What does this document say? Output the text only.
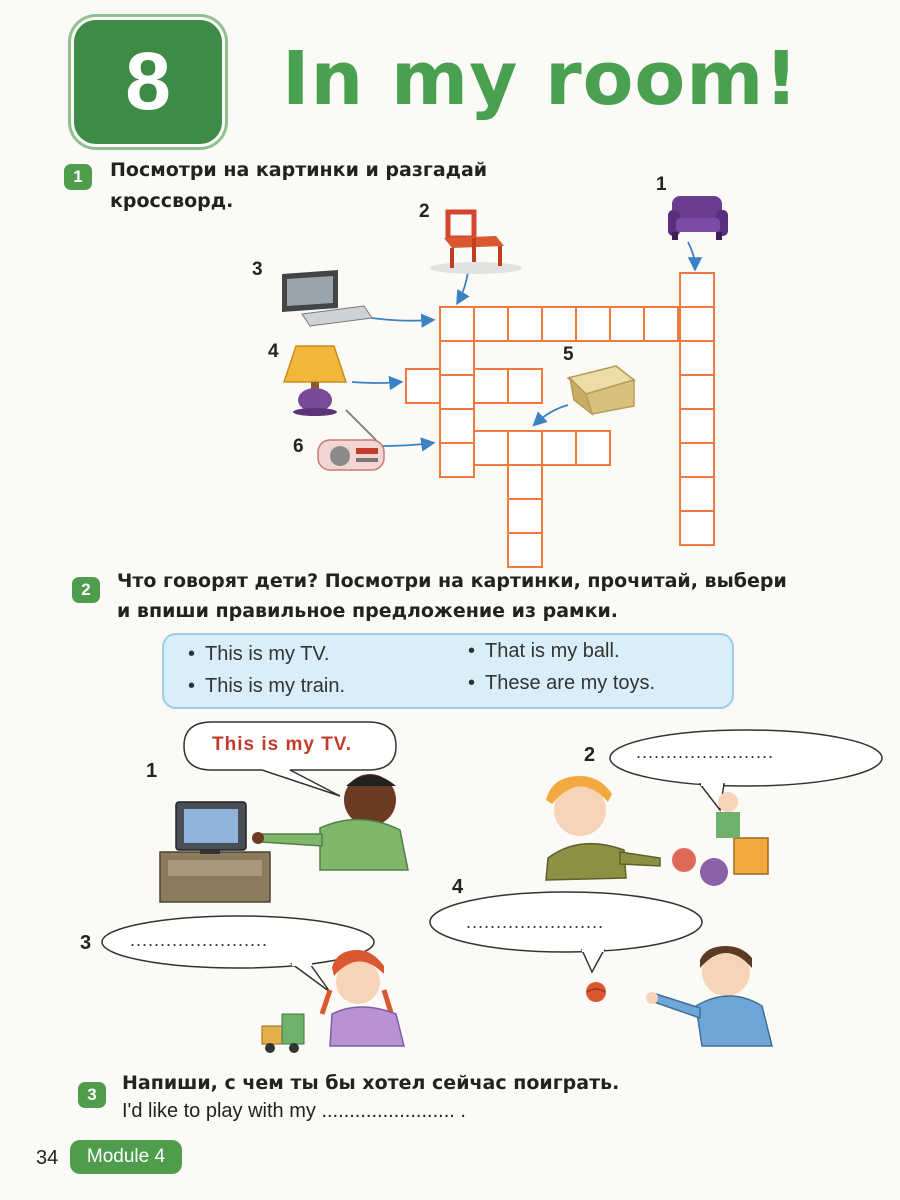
8 In my room!
1	Посмотри на картинки и разгадай
кроссворд.
1
2
3
4	5
6
2	Что говорят дети? Посмотри на картинки, прочитай, выбери
и впиши правильное предложение из рамки.
• This is my TV.
• This is my train.
• That is my ball.
• These are my toys.
1
This is my TV.	2 .......................
3 .......................
4
.......................
3
Напиши, с чем ты бы хотел сейчас поиграть.
I'd like to play with my ........................ .
34	Module 4
